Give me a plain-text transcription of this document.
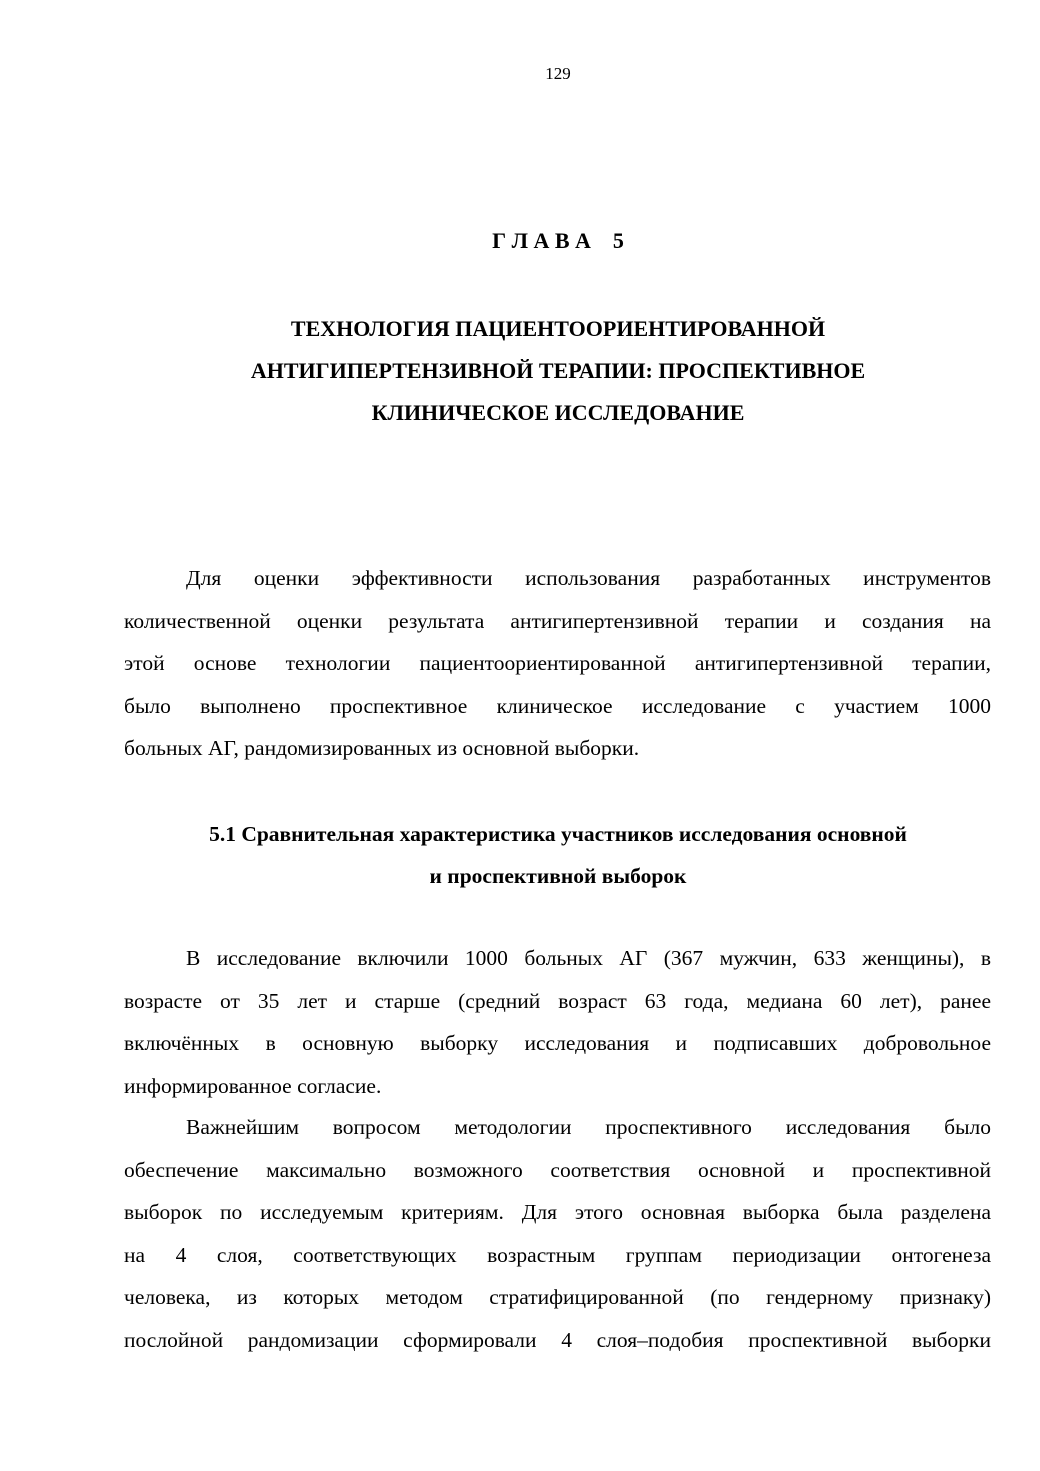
129
Г Л А В А    5
ТЕХНОЛОГИЯ ПАЦИЕНТООРИЕНТИРОВАННОЙ
АНТИГИПЕРТЕНЗИВНОЙ ТЕРАПИИ: ПРОСПЕКТИВНОЕ
КЛИНИЧЕСКОЕ ИССЛЕДОВАНИЕ

Для оценки эффективности использования разработанных инструментов
количественной оценки результата антигипертензивной терапии и создания на
этой основе технологии пациентоориентированной антигипертензивной терапии,
было выполнено проспективное клиническое исследование с участием 1000
больных АГ, рандомизированных из основной выборки.

5.1 Сравнительная характеристика участников исследования основной
и проспективной выборок

В исследование включили 1000 больных АГ (367 мужчин, 633 женщины), в
возрасте от 35 лет и старше (средний возраст 63 года, медиана 60 лет), ранее
включённых в основную выборку исследования и подписавших добровольное
информированное согласие.

Важнейшим вопросом методологии проспективного исследования было
обеспечение максимально возможного соответствия основной и проспективной
выборок по исследуемым критериям. Для этого основная выборка была разделена
на 4 слоя, соответствующих возрастным группам периодизации онтогенеза
человека, из которых методом стратифицированной (по гендерному признаку)
послойной рандомизации сформировали 4 слоя–подобия проспективной выборки
